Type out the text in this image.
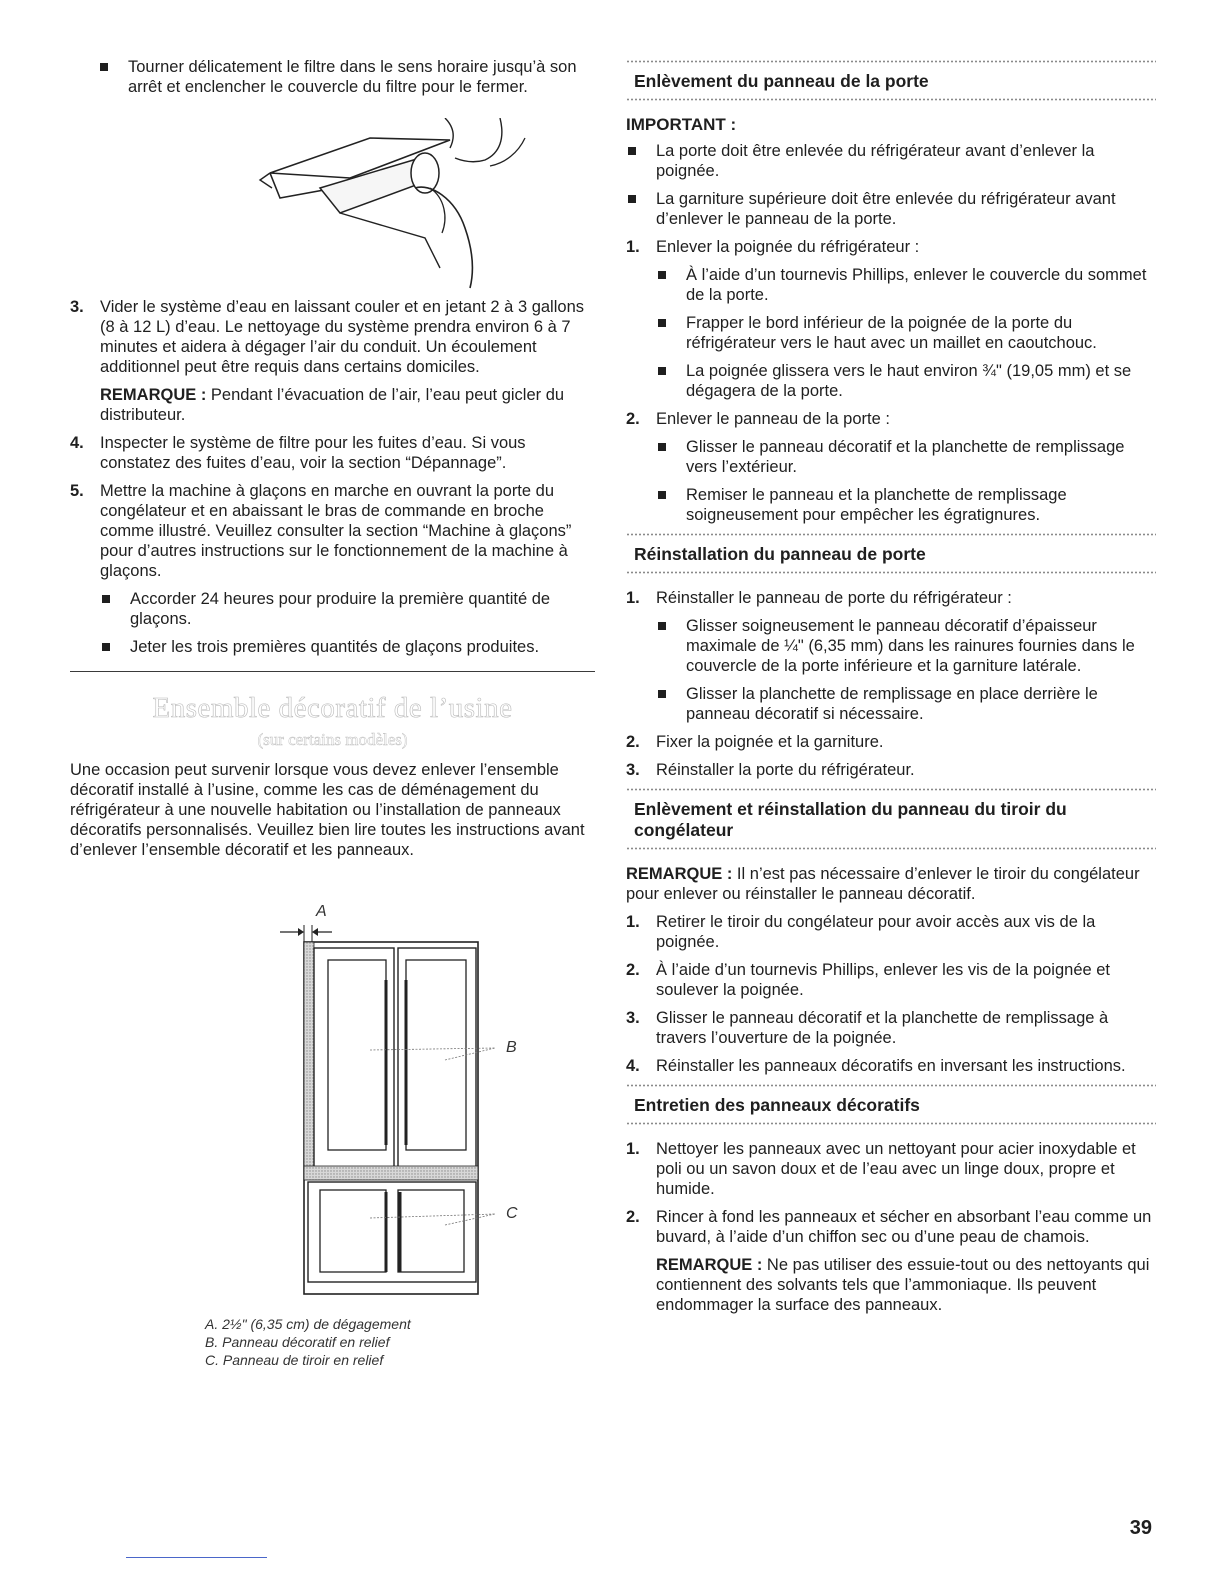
Tourner délicatement le filtre dans le sens horaire jusqu’à son arrêt et enclencher le couvercle du filtre pour le fermer.

3. Vider le système d’eau en laissant couler et en jetant 2 à 3 gallons (8 à 12 L) d’eau. Le nettoyage du système prendra environ 6 à 7 minutes et aidera à dégager l’air du conduit. Un écoulement additionnel peut être requis dans certains domiciles.
REMARQUE : Pendant l’évacuation de l’air, l’eau peut gicler du distributeur.
4. Inspecter le système de filtre pour les fuites d’eau. Si vous constatez des fuites d’eau, voir la section “Dépannage”.
5. Mettre la machine à glaçons en marche en ouvrant la porte du congélateur et en abaissant le bras de commande en broche comme illustré. Veuillez consulter la section “Machine à glaçons” pour d’autres instructions sur le fonctionnement de la machine à glaçons.

Accorder 24 heures pour produire la première quantité de glaçons.

Jeter les trois premières quantités de glaçons produites.

Ensemble décoratif de l’usine
(sur certains modèles)

Une occasion peut survenir lorsque vous devez enlever l’ensemble décoratif installé à l’usine, comme les cas de déménagement du réfrigérateur à une nouvelle habitation ou l’installation de panneaux décoratifs personnalisés. Veuillez bien lire toutes les instructions avant d’enlever l’ensemble décoratif et les panneaux.

A
B
C
A. 2½" (6,35 cm) de dégagement
B. Panneau décoratif en relief
C. Panneau de tiroir en relief
Enlèvement du panneau de la porte
IMPORTANT :

La porte doit être enlevée du réfrigérateur avant d’enlever la poignée.

La garniture supérieure doit être enlevée du réfrigérateur avant d’enlever le panneau de la porte.

1. Enlever la poignée du réfrigérateur :

À l’aide d’un tournevis Phillips, enlever le couvercle du sommet de la porte.

Frapper le bord inférieur de la poignée de la porte du réfrigérateur vers le haut avec un maillet en caoutchouc.

La poignée glissera vers le haut environ ¾" (19,05 mm) et se dégagera de la porte.

2. Enlever le panneau de la porte :

Glisser le panneau décoratif et la planchette de remplissage vers l’extérieur.

Remiser le panneau et la planchette de remplissage soigneusement pour empêcher les égratignures.

Réinstallation du panneau de porte
1. Réinstaller le panneau de porte du réfrigérateur :

Glisser soigneusement le panneau décoratif d’épaisseur maximale de ¼" (6,35 mm) dans les rainures fournies dans le couvercle de la porte inférieure et la garniture latérale.

Glisser la planchette de remplissage en place derrière le panneau décoratif si nécessaire.

2. Fixer la poignée et la garniture.
3. Réinstaller la porte du réfrigérateur.
Enlèvement et réinstallation du panneau du tiroir du congélateur

REMARQUE : Il n’est pas nécessaire d’enlever le tiroir du congélateur pour enlever ou réinstaller le panneau décoratif.

1. Retirer le tiroir du congélateur pour avoir accès aux vis de la poignée.
2. À l’aide d’un tournevis Phillips, enlever les vis de la poignée et soulever la poignée.
3. Glisser le panneau décoratif et la planchette de remplissage à travers l’ouverture de la poignée.
4. Réinstaller les panneaux décoratifs en inversant les instructions.
Entretien des panneaux décoratifs
1. Nettoyer les panneaux avec un nettoyant pour acier inoxydable et poli ou un savon doux et de l’eau avec un linge doux, propre et humide.
2. Rincer à fond les panneaux et sécher en absorbant l’eau comme un buvard, à l’aide d’un chiffon sec ou d’une peau de chamois.
REMARQUE : Ne pas utiliser des essuie-tout ou des nettoyants qui contiennent des solvants tels que l’ammoniaque. Ils peuvent endommager la surface des panneaux.
39
